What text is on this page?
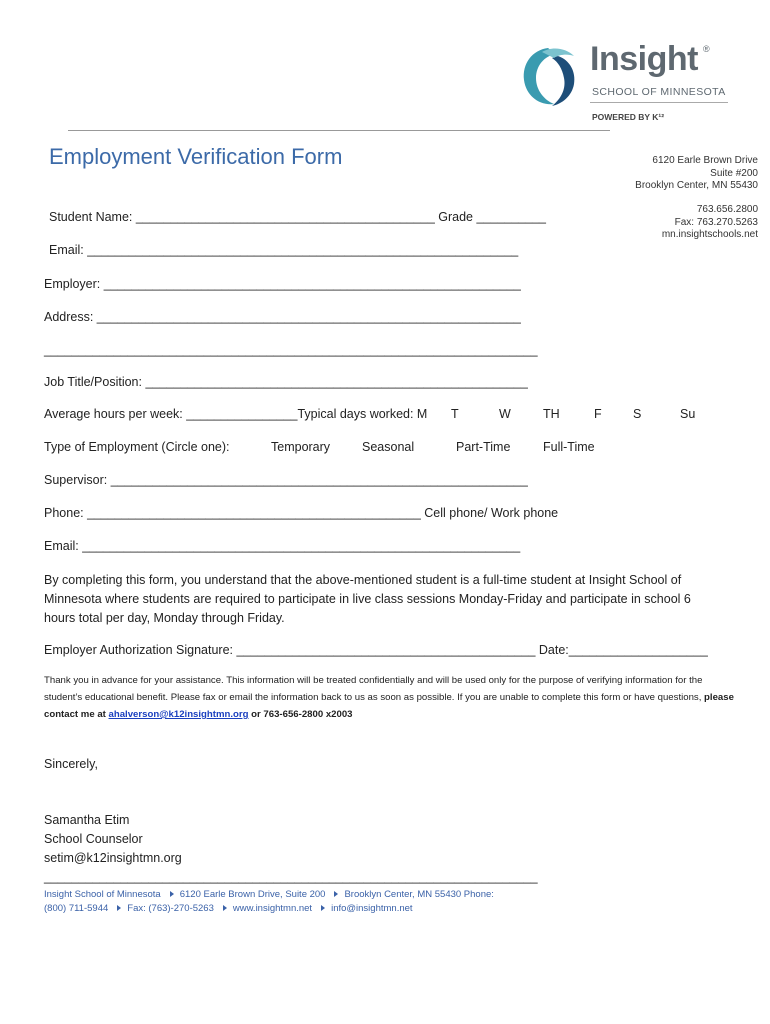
Insight ®
SCHOOL OF MINNESOTA
POWERED BY K¹²
Employment Verification Form	6120 Earle Brown Drive
Suite #200
Brooklyn Center, MN 55430
763.656.2800
Fax: 763.270.5263
mn.insightschools.net
Student Name: ___________________________________________ Grade __________
Email: ______________________________________________________________
Employer: ____________________________________________________________
Address: _____________________________________________________________
_______________________________________________________________________
Job Title/Position: _______________________________________________________
Average hours per week: ________________Typical days worked: M T	W	TH	F	S	Su
Type of Employment (Circle one):	Temporary	Seasonal	Part-Time	Full-Time
Supervisor: ____________________________________________________________
Phone: ________________________________________________ Cell phone/ Work phone
Email: _______________________________________________________________
By completing this form, you understand that the above-mentioned student is a full-time student at Insight School of Minnesota where students are required to participate in live class sessions Monday-Friday and participate in school 6 hours total per day, Monday through Friday.
Employer Authorization Signature: ___________________________________________ Date:____________________
Thank you in advance for your assistance. This information will be treated confidentially and will be used only for the purpose of verifying information for the student’s educational benefit. Please fax or email the information back to us as soon as possible. If you are unable to complete this form or have questions, please contact me at ahalverson@k12insightmn.org or 763-656-2800 x2003
Sincerely,
Samantha Etim
School Counselor
setim@k12insightmn.org
_______________________________________________________________________
Insight School of Minnesota 6120 Earle Brown Drive, Suite 200 Brooklyn Center, MN 55430 Phone:
(800) 711-5944 Fax: (763)-270-5263 www.insightmn.net info@insightmn.net
